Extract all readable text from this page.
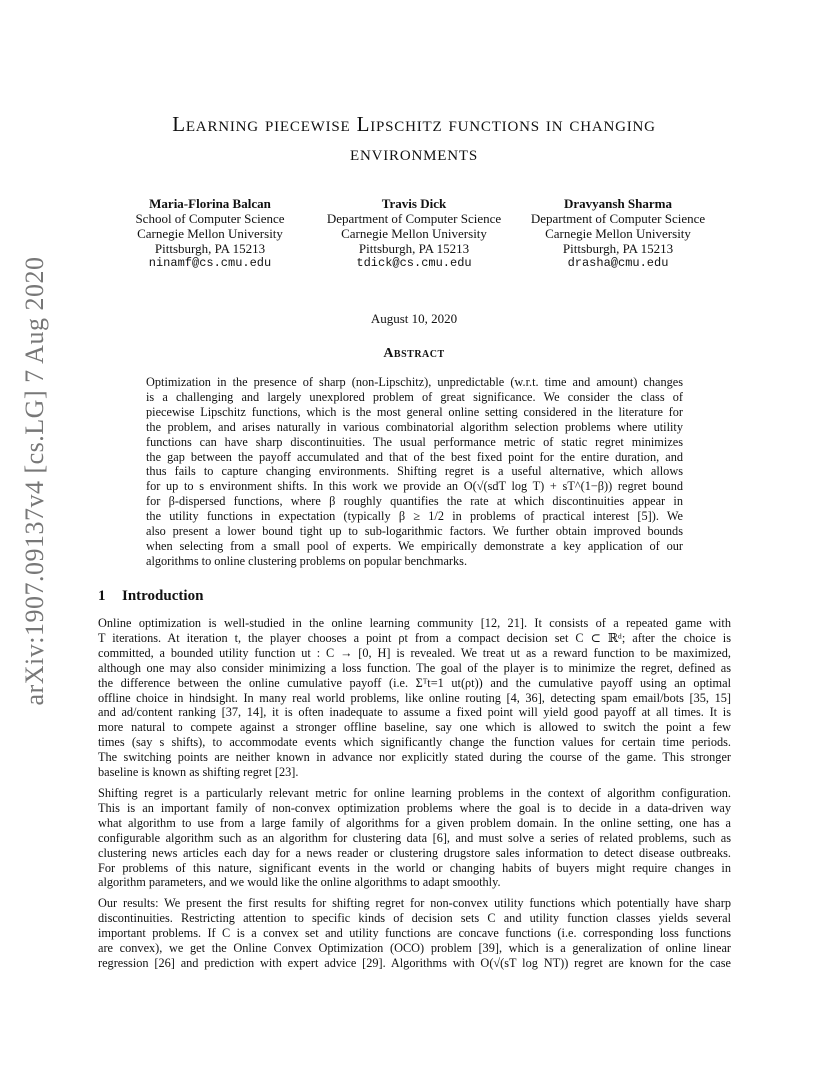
arXiv:1907.09137v4 [cs.LG] 7 Aug 2020
Learning piecewise Lipschitz functions in changing
environments
Maria-Florina Balcan
School of Computer Science
Carnegie Mellon University
Pittsburgh, PA 15213
ninamf@cs.cmu.edu
Travis Dick
Department of Computer Science
Carnegie Mellon University
Pittsburgh, PA 15213
tdick@cs.cmu.edu
Dravyansh Sharma
Department of Computer Science
Carnegie Mellon University
Pittsburgh, PA 15213
drasha@cmu.edu
August 10, 2020
Abstract
Optimization in the presence of sharp (non-Lipschitz), unpredictable (w.r.t. time and amount) changes
is a challenging and largely unexplored problem of great significance. We consider the class of
piecewise Lipschitz functions, which is the most general online setting considered in the literature for
the problem, and arises naturally in various combinatorial algorithm selection problems where utility
functions can have sharp discontinuities. The usual performance metric of static regret minimizes
the gap between the payoff accumulated and that of the best fixed point for the entire duration, and
thus fails to capture changing environments. Shifting regret is a useful alternative, which allows
for up to s environment shifts. In this work we provide an O(√(sdT log T) + sT^(1−β)) regret bound
for β-dispersed functions, where β roughly quantifies the rate at which discontinuities appear in
the utility functions in expectation (typically β ≥ 1/2 in problems of practical interest [5]). We
also present a lower bound tight up to sub-logarithmic factors. We further obtain improved bounds
when selecting from a small pool of experts. We empirically demonstrate a key application of our
algorithms to online clustering problems on popular benchmarks.
1 Introduction
Online optimization is well-studied in the online learning community [12, 21]. It consists of a repeated game with
T iterations. At iteration t, the player chooses a point ρt from a compact decision set C ⊂ ℝᵈ; after the choice is
committed, a bounded utility function ut : C → [0, H] is revealed. We treat ut as a reward function to be maximized,
although one may also consider minimizing a loss function. The goal of the player is to minimize the regret, defined as
the difference between the online cumulative payoff (i.e. Σᵀt=1 ut(ρt)) and the cumulative payoff using an optimal
offline choice in hindsight. In many real world problems, like online routing [4, 36], detecting spam email/bots [35, 15]
and ad/content ranking [37, 14], it is often inadequate to assume a fixed point will yield good payoff at all times. It is
more natural to compete against a stronger offline baseline, say one which is allowed to switch the point a few
times (say s shifts), to accommodate events which significantly change the function values for certain time periods.
The switching points are neither known in advance nor explicitly stated during the course of the game. This stronger
baseline is known as shifting regret [23].
Shifting regret is a particularly relevant metric for online learning problems in the context of algorithm configuration.
This is an important family of non-convex optimization problems where the goal is to decide in a data-driven way
what algorithm to use from a large family of algorithms for a given problem domain. In the online setting, one has a
configurable algorithm such as an algorithm for clustering data [6], and must solve a series of related problems, such as
clustering news articles each day for a news reader or clustering drugstore sales information to detect disease outbreaks.
For problems of this nature, significant events in the world or changing habits of buyers might require changes in
algorithm parameters, and we would like the online algorithms to adapt smoothly.
Our results: We present the first results for shifting regret for non-convex utility functions which potentially have sharp
discontinuities. Restricting attention to specific kinds of decision sets C and utility function classes yields several
important problems. If C is a convex set and utility functions are concave functions (i.e. corresponding loss functions
are convex), we get the Online Convex Optimization (OCO) problem [39], which is a generalization of online linear
regression [26] and prediction with expert advice [29]. Algorithms with O(√(sT log NT)) regret are known for the case
